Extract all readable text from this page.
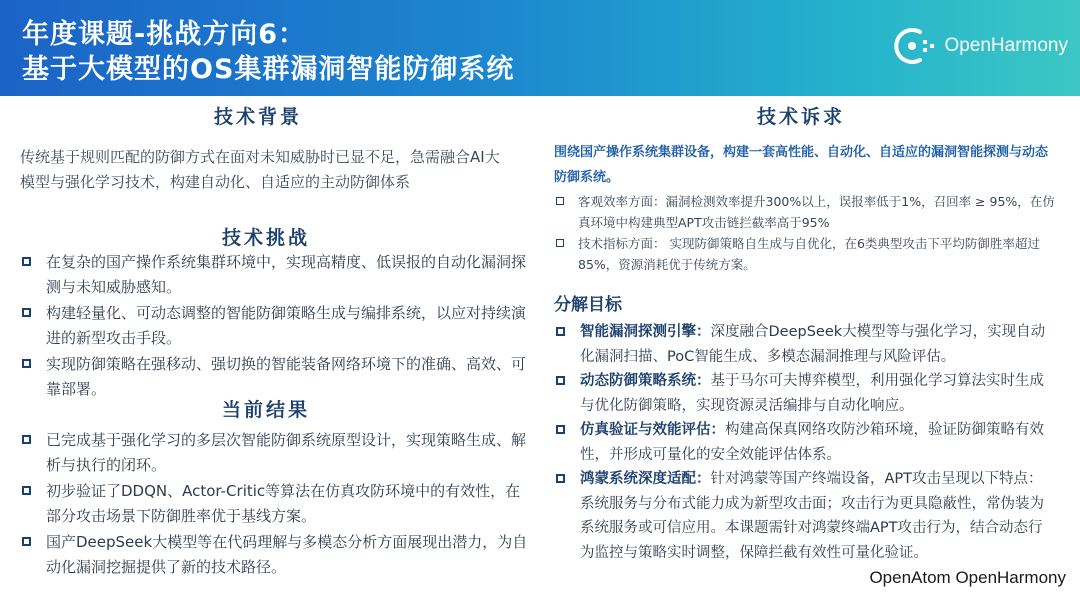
年度课题-挑战方向6：
基于大模型的OS集群漏洞智能防御系统
OpenHarmony
技术背景
传统基于规则匹配的防御方式在面对未知威胁时已显不足，急需融合AI大模型与强化学习技术，构建自动化、自适应的主动防御体系
技术挑战
在复杂的国产操作系统集群环境中，实现高精度、低误报的自动化漏洞探测与未知威胁感知。
构建轻量化、可动态调整的智能防御策略生成与编排系统，以应对持续演进的新型攻击手段。
实现防御策略在强移动、强切换的智能装备网络环境下的准确、高效、可靠部署。
当前结果
已完成基于强化学习的多层次智能防御系统原型设计，实现策略生成、解析与执行的闭环。
初步验证了DDQN、Actor-Critic等算法在仿真攻防环境中的有效性，在部分攻击场景下防御胜率优于基线方案。
国产DeepSeek大模型等在代码理解与多模态分析方面展现出潜力，为自动化漏洞挖掘提供了新的技术路径。
技术诉求
围绕国产操作系统集群设备，构建一套高性能、自动化、自适应的漏洞智能探测与动态防御系统。
客观效率方面：漏洞检测效率提升300%以上，误报率低于1%，召回率 ≥ 95%，在仿真环境中构建典型APT攻击链拦截率高于95%
技术指标方面： 实现防御策略自生成与自优化，在6类典型攻击下平均防御胜率超过85%，资源消耗优于传统方案。
分解目标
智能漏洞探测引擎：深度融合DeepSeek大模型等与强化学习，实现自动化漏洞扫描、PoC智能生成、多模态漏洞推理与风险评估。
动态防御策略系统：基于马尔可夫博弈模型，利用强化学习算法实时生成与优化防御策略，实现资源灵活编排与自动化响应。
仿真验证与效能评估：构建高保真网络攻防沙箱环境，验证防御策略有效性，并形成可量化的安全效能评估体系。
鸿蒙系统深度适配：针对鸿蒙等国产终端设备，APT攻击呈现以下特点：系统服务与分布式能力成为新型攻击面；攻击行为更具隐蔽性，常伪装为系统服务或可信应用。本课题需针对鸿蒙终端APT攻击行为，结合动态行为监控与策略实时调整，保障拦截有效性可量化验证。
OpenAtom OpenHarmony
